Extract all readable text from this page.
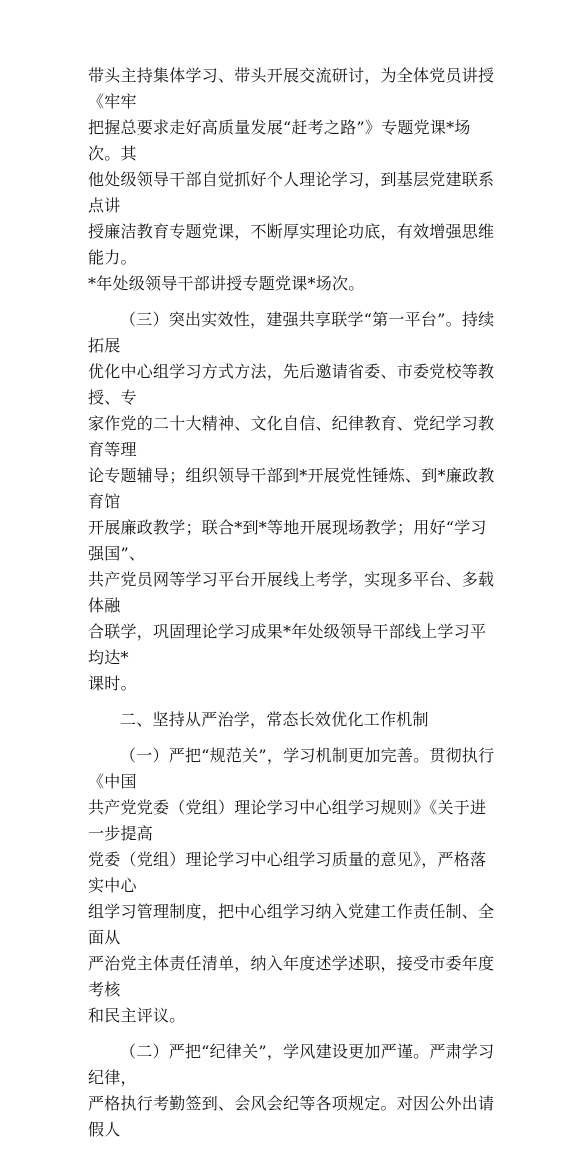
带头主持集体学习、带头开展交流研讨，为全体党员讲授《牢牢
把握总要求走好高质量发展“赶考之路”》专题党课*场次。其
他处级领导干部自觉抓好个人理论学习，到基层党建联系点讲
授廉洁教育专题党课，不断厚实理论功底，有效增强思维能力。
*年处级领导干部讲授专题党课*场次。

（三）突出实效性，建强共享联学“第一平台”。持续拓展
优化中心组学习方式方法，先后邀请省委、市委党校等教授、专
家作党的二十大精神、文化自信、纪律教育、党纪学习教育等理
论专题辅导；组织领导干部到*开展党性锤炼、到*廉政教育馆
开展廉政教学；联合*到*等地开展现场教学；用好“学习强国”、
共产党员网等学习平台开展线上考学，实现多平台、多载体融
合联学，巩固理论学习成果*年处级领导干部线上学习平均达*
课时。

二、坚持从严治学，常态长效优化工作机制

（一）严把“规范关”，学习机制更加完善。贯彻执行《中国
共产党党委（党组）理论学习中心组学习规则》《关于进一步提高
党委（党组）理论学习中心组学习质量的意见》，严格落实中心
组学习管理制度，把中心组学习纳入党建工作责任制、全面从
严治党主体责任清单，纳入年度述学述职，接受市委年度考核
和民主评议。

（二）严把“纪律关”，学风建设更加严谨。严肃学习纪律，
严格执行考勤签到、会风会纪等各项规定。对因公外出请假人
